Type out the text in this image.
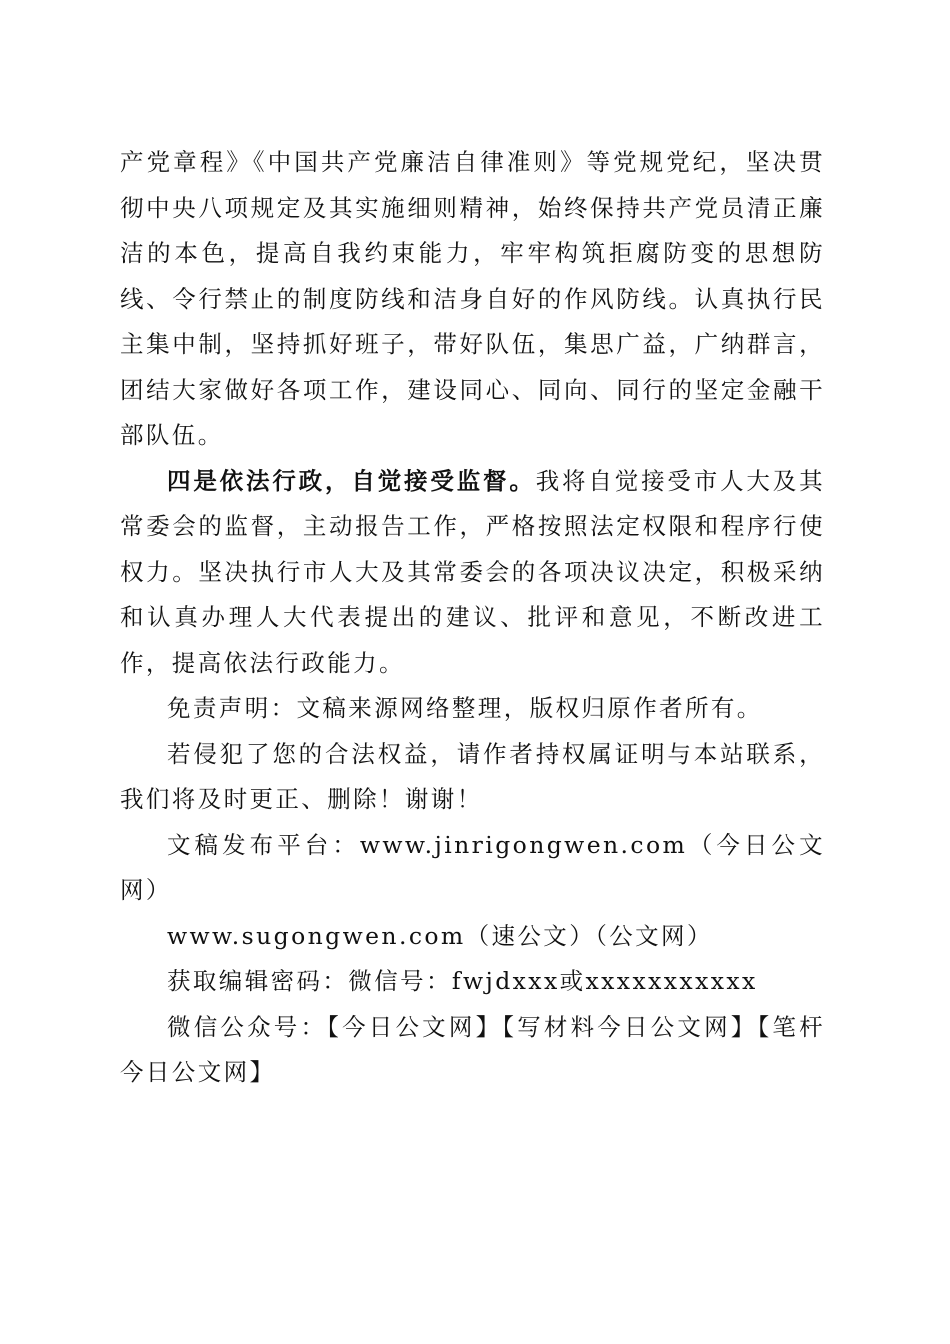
产党章程》《中国共产党廉洁自律准则》等党规党纪，坚决贯彻中央八项规定及其实施细则精神，始终保持共产党员清正廉洁的本色，提高自我约束能力，牢牢构筑拒腐防变的思想防线、令行禁止的制度防线和洁身自好的作风防线。认真执行民主集中制，坚持抓好班子，带好队伍，集思广益，广纳群言，团结大家做好各项工作，建设同心、同向、同行的坚定金融干部队伍。

四是依法行政，自觉接受监督。我将自觉接受市人大及其常委会的监督，主动报告工作，严格按照法定权限和程序行使权力。坚决执行市人大及其常委会的各项决议决定，积极采纳和认真办理人大代表提出的建议、批评和意见，不断改进工作，提高依法行政能力。

免责声明：文稿来源网络整理，版权归原作者所有。

若侵犯了您的合法权益，请作者持权属证明与本站联系，我们将及时更正、删除！谢谢！

文稿发布平台：www.jinrigongwen.com（今日公文网）

www.sugongwen.com（速公文）（公文网）

获取编辑密码：微信号：fwjdxxx或xxxxxxxxxxx

微信公众号：【今日公文网】【写材料今日公文网】【笔杆今日公文网】
